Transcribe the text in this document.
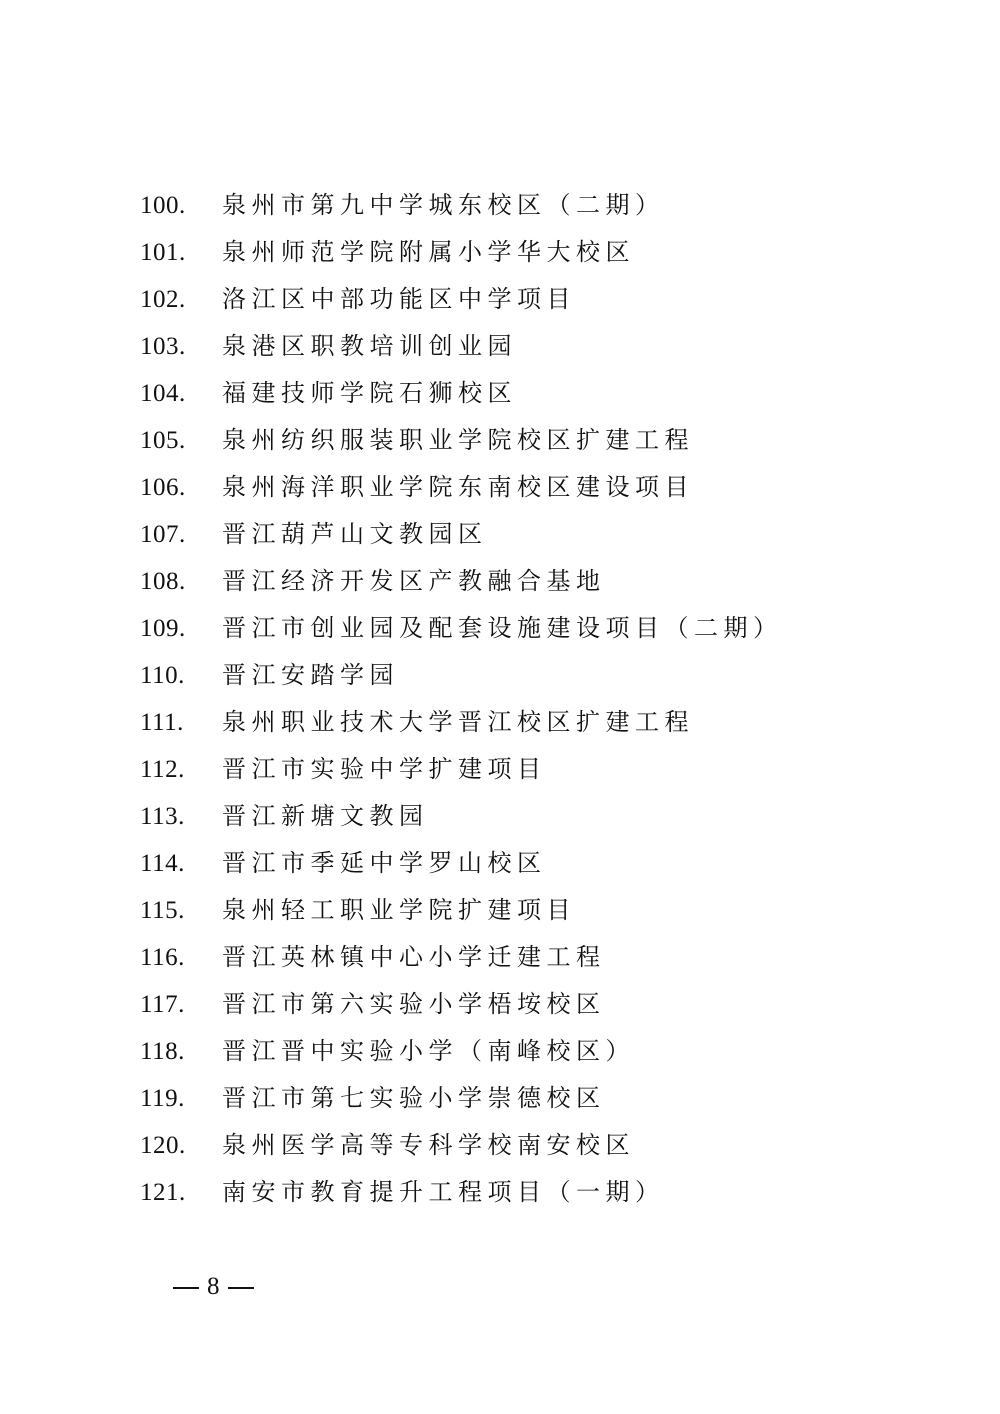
100.	泉州市第九中学城东校区（二期）
101.	泉州师范学院附属小学华大校区
102.	洛江区中部功能区中学项目
103.	泉港区职教培训创业园
104.	福建技师学院石狮校区
105.	泉州纺织服装职业学院校区扩建工程
106.	泉州海洋职业学院东南校区建设项目
107.	晋江葫芦山文教园区
108.	晋江经济开发区产教融合基地
109.	晋江市创业园及配套设施建设项目（二期）
110.	晋江安踏学园
111.	泉州职业技术大学晋江校区扩建工程
112.	晋江市实验中学扩建项目
113.	晋江新塘文教园
114.	晋江市季延中学罗山校区
115.	泉州轻工职业学院扩建项目
116.	晋江英林镇中心小学迁建工程
117.	晋江市第六实验小学梧垵校区
118.	晋江晋中实验小学（南峰校区）
119.	晋江市第七实验小学崇德校区
120.	泉州医学高等专科学校南安校区
121.	南安市教育提升工程项目（一期）
8
